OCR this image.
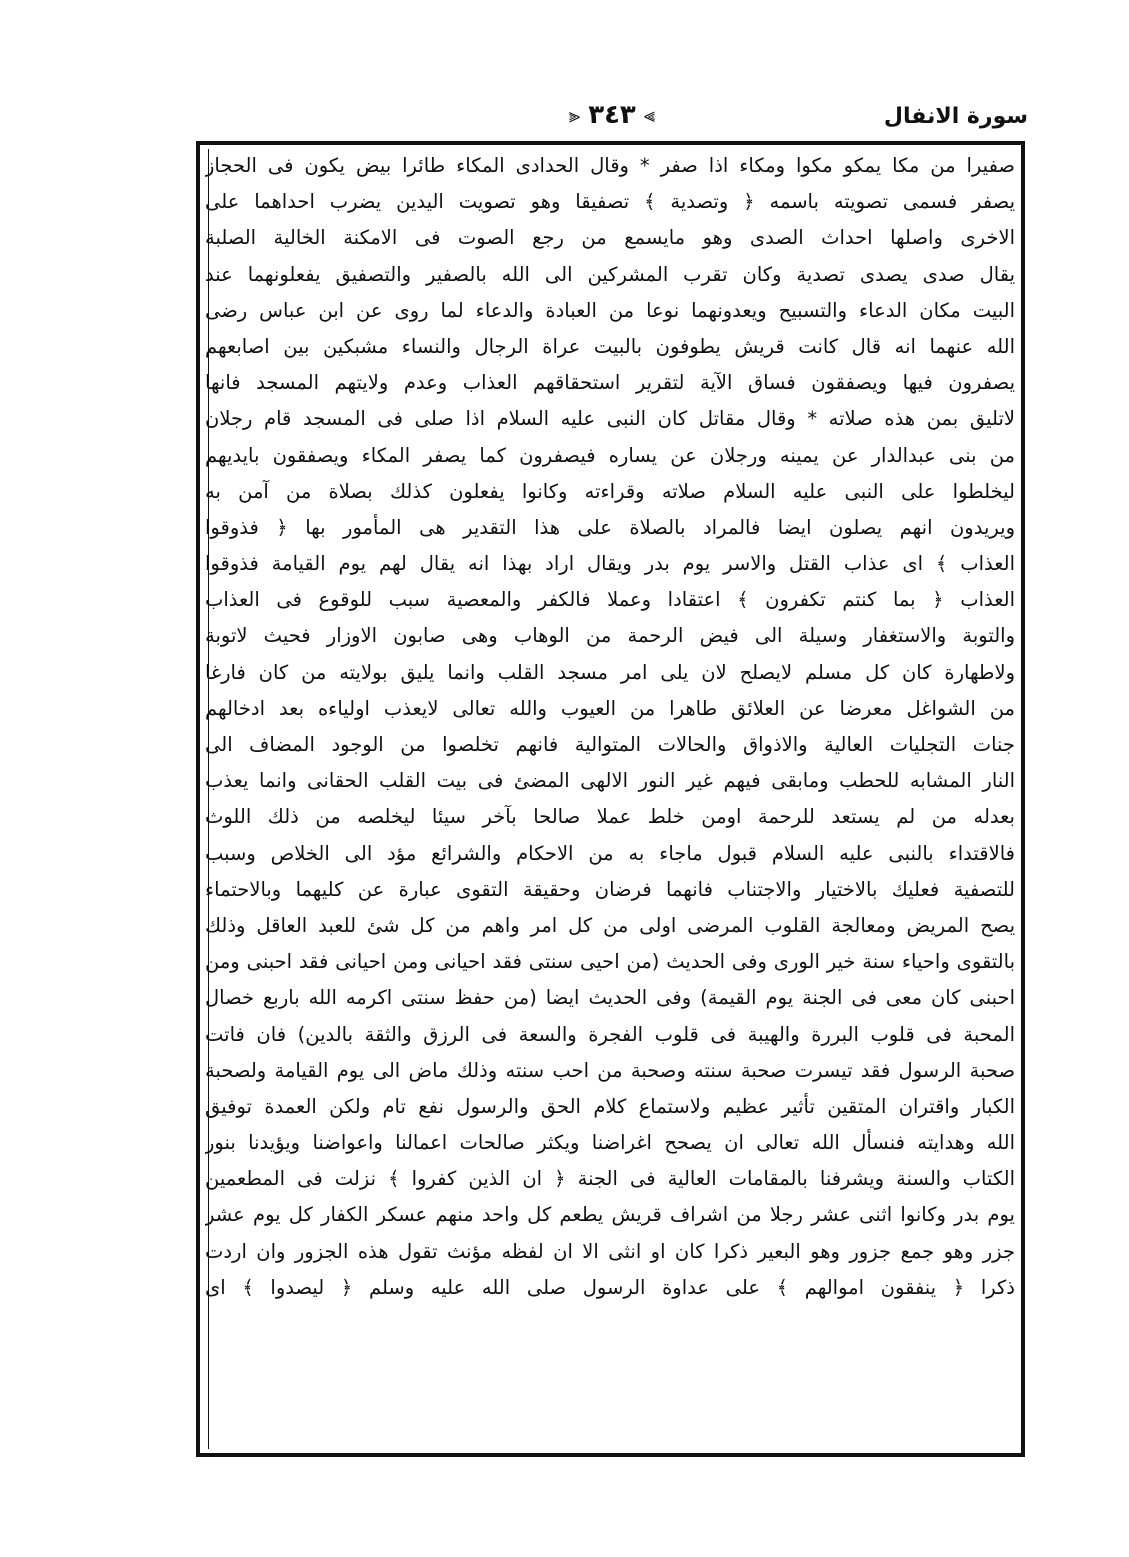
سورة الانفال
⫸ ٣٤٣ ⫷
صفيرا من مكا يمكو مكوا ومكاء اذا صفر * وقال الحدادى المكاء طائرا بيض يكون فى الحجاز
يصفر فسمى تصويته باسمه ﴿ وتصدية ﴾ تصفيقا وهو تصويت اليدين يضرب احداهما على
الاخرى واصلها احداث الصدى وهو مايسمع من رجع الصوت فى الامكنة الخالية الصلبة
يقال صدى يصدى تصدية وكان تقرب المشركين الى الله بالصفير والتصفيق يفعلونهما عند
البيت مكان الدعاء والتسبيح ويعدونهما نوعا من العبادة والدعاء لما روى عن ابن عباس رضى
الله عنهما انه قال كانت قريش يطوفون بالبيت عراة الرجال والنساء مشبكين بين اصابعهم
يصفرون فيها ويصفقون فساق الآية لتقرير استحقاقهم العذاب وعدم ولايتهم المسجد فانها
لاتليق بمن هذه صلاته * وقال مقاتل كان النبى عليه السلام اذا صلى فى المسجد قام رجلان
من بنى عبدالدار عن يمينه ورجلان عن يساره فيصفرون كما يصفر المكاء ويصفقون بايديهم
ليخلطوا على النبى عليه السلام صلاته وقراءته وكانوا يفعلون كذلك بصلاة من آمن به
ويريدون انهم يصلون ايضا فالمراد بالصلاة على هذا التقدير هى المأمور بها ﴿ فذوقوا
العذاب ﴾ اى عذاب القتل والاسر يوم بدر ويقال اراد بهذا انه يقال لهم يوم القيامة فذوقوا
العذاب ﴿ بما كنتم تكفرون ﴾ اعتقادا وعملا فالكفر والمعصية سبب للوقوع فى العذاب
والتوبة والاستغفار وسيلة الى فيض الرحمة من الوهاب وهى صابون الاوزار فحيث لاتوبة
ولاطهارة كان كل مسلم لايصلح لان يلى امر مسجد القلب وانما يليق بولايته من كان فارغا
من الشواغل معرضا عن العلائق طاهرا من العيوب والله تعالى لايعذب اولياءه بعد ادخالهم
جنات التجليات العالية والاذواق والحالات المتوالية فانهم تخلصوا من الوجود المضاف الى
النار المشابه للحطب ومابقى فيهم غير النور الالهى المضئ فى بيت القلب الحقانى وانما يعذب
بعدله من لم يستعد للرحمة اومن خلط عملا صالحا بآخر سيئا ليخلصه من ذلك اللوث
فالاقتداء بالنبى عليه السلام قبول ماجاء به من الاحكام والشرائع مؤد الى الخلاص وسبب
للتصفية فعليك بالاختيار والاجتناب فانهما فرضان وحقيقة التقوى عبارة عن كليهما وبالاحتماء
يصح المريض ومعالجة القلوب المرضى اولى من كل امر واهم من كل شئ للعبد العاقل وذلك
بالتقوى واحياء سنة خير الورى وفى الحديث (من احيى سنتى فقد احيانى ومن احيانى فقد احبنى ومن
احبنى كان معى فى الجنة يوم القيمة) وفى الحديث ايضا (من حفظ سنتى اكرمه الله باربع خصال
المحبة فى قلوب البررة والهيبة فى قلوب الفجرة والسعة فى الرزق والثقة بالدين) فان فاتت
صحبة الرسول فقد تيسرت صحبة سنته وصحبة من احب سنته وذلك ماض الى يوم القيامة ولصحبة
الكبار واقتران المتقين تأثير عظيم ولاستماع كلام الحق والرسول نفع تام ولكن العمدة توفيق
الله وهدايته فنسأل الله تعالى ان يصحح اغراضنا ويكثر صالحات اعمالنا واعواضنا ويؤيدنا بنور
الكتاب والسنة ويشرفنا بالمقامات العالية فى الجنة ﴿ ان الذين كفروا ﴾ نزلت فى المطعمين
يوم بدر وكانوا اثنى عشر رجلا من اشراف قريش يطعم كل واحد منهم عسكر الكفار كل يوم عشر
جزر وهو جمع جزور وهو البعير ذكرا كان او انثى الا ان لفظه مؤنث تقول هذه الجزور وان اردت
ذكرا ﴿ ينفقون اموالهم ﴾ على عداوة الرسول صلى الله عليه وسلم ﴿ ليصدوا ﴾ اى
